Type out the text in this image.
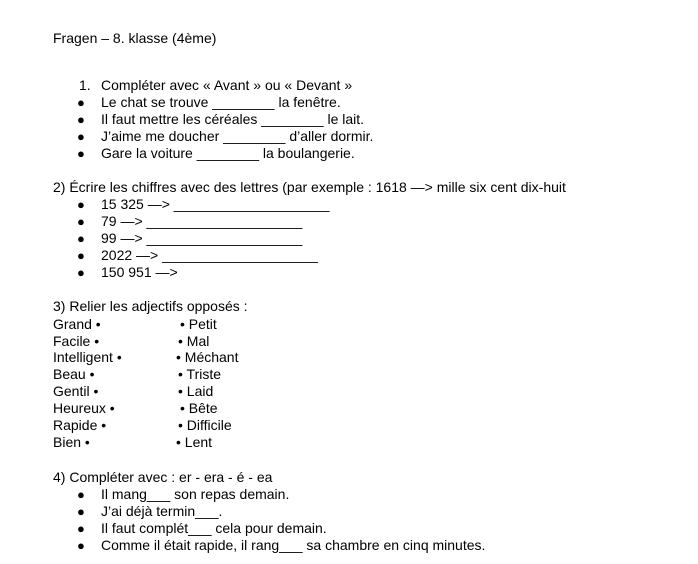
Fragen – 8. klasse (4ème)
1. Compléter avec « Avant » ou « Devant »
● Le chat se trouve ________ la fenêtre.
● Il faut mettre les céréales ________ le lait.
● J’aime me doucher ________ d’aller dormir.
● Gare la voiture ________ la boulangerie.
2) Écrire les chiffres avec des lettres (par exemple : 1618 —> mille six cent dix-huit
● 15 325 —> ____________________
● 79 —> ____________________
● 99 —> ____________________
● 2022 —> ____________________
● 150 951 —>
3) Relier les adjectifs opposés :
Grand •	• Petit
Facile •	• Mal
Intelligent •	• Méchant
Beau •	• Triste
Gentil •	• Laid
Heureux •	• Bête
Rapide •	• Difficile
Bien •	• Lent
4) Compléter avec : er - era - é - ea
● Il mang___ son repas demain.
● J’ai déjà termin___.
● Il faut complét___ cela pour demain.
● Comme il était rapide, il rang___ sa chambre en cinq minutes.
